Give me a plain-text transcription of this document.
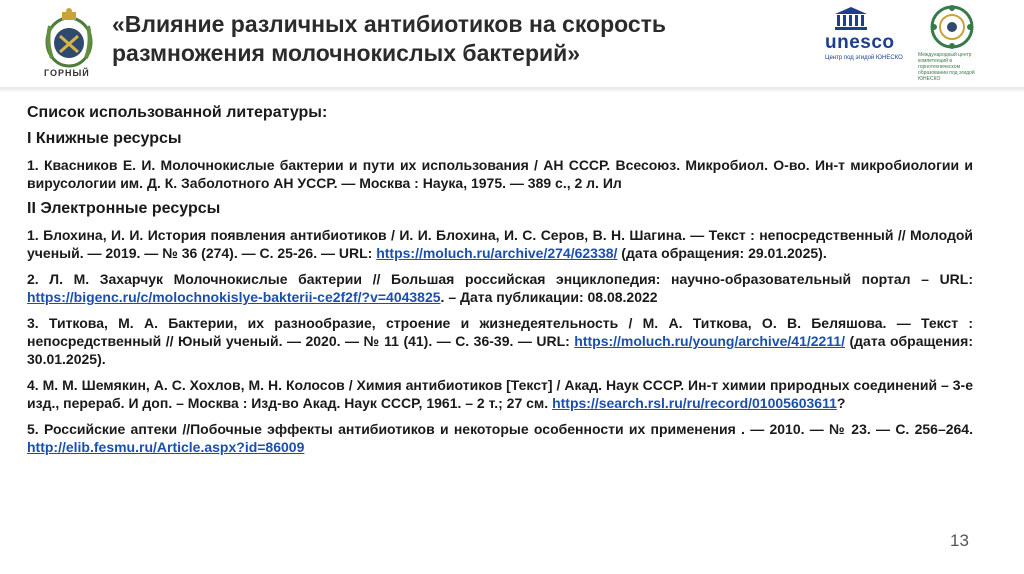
ГОРНЫЙ
«Влияние различных антибиотиков на скорость
размножения молочнокислых бактерий»	unesco
Центр под эгидой ЮНЕСКО	Международный центр компетенций в горнотехническом образовании под эгидой ЮНЕСКО
Список использованной литературы:
I Книжные ресурсы
1. Квасников Е. И. Молочнокислые бактерии и пути их использования / АН СССР. Всесоюз. Микробиол. О-во. Ин-т микробиологии и вирусологии им. Д. К. Заболотного АН УССР. — Москва : Наука, 1975. — 389 с., 2 л. Ил
II Электронные ресурсы
1. Блохина, И. И. История появления антибиотиков / И. И. Блохина, И. С. Серов, В. Н. Шагина. — Текст : непосредственный // Молодой ученый. — 2019. — № 36 (274). — С. 25-26. — URL: https://moluch.ru/archive/274/62338/ (дата обращения: 29.01.2025).
2. Л. М. Захарчук Молочнокислые бактерии // Большая российская энциклопедия: научно-образовательный портал – URL: https://bigenc.ru/c/molochnokislye-bakterii-ce2f2f/?v=4043825. – Дата публикации: 08.08.2022
3. Титкова, М. А. Бактерии, их разнообразие, строение и жизнедеятельность / М. А. Титкова, О. В. Беляшова. — Текст : непосредственный // Юный ученый. — 2020. — № 11 (41). — С. 36-39. — URL: https://moluch.ru/young/archive/41/2211/ (дата обращения: 30.01.2025).
4. М. М. Шемякин, А. С. Хохлов, М. Н. Колосов / Химия антибиотиков [Текст] / Акад. Наук СССР. Ин-т химии природных соединений – 3-е изд., перераб. И доп. – Москва : Изд-во Акад. Наук СССР, 1961. – 2 т.; 27 см. https://search.rsl.ru/ru/record/01005603611?
5. Российские аптеки //Побочные эффекты антибиотиков и некоторые особенности их применения . — 2010. — № 23. — С. 256–264. http://elib.fesmu.ru/Article.aspx?id=86009
13
